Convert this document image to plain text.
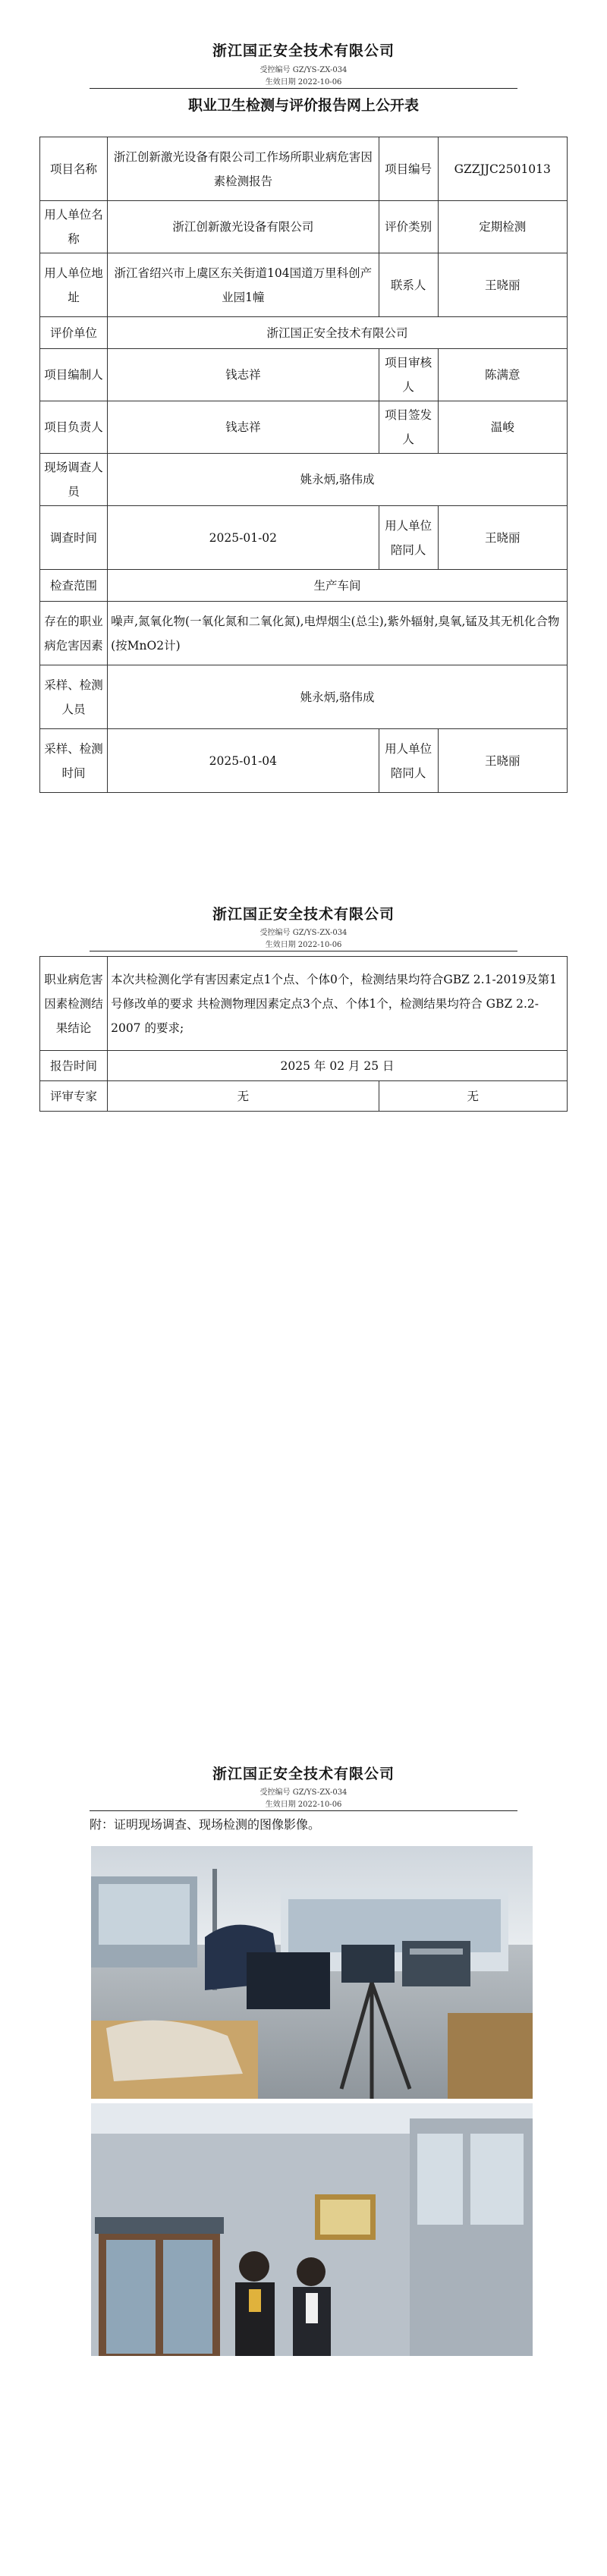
浙江国正安全技术有限公司
受控编号 GZ/YS-ZX-034
生效日期 2022-10-06
职业卫生检测与评价报告网上公开表
项目名称	浙江创新激光设备有限公司工作场所职业病危害因素检测报告	项目编号	GZZJJC2501013
用人单位名称	浙江创新激光设备有限公司	评价类别	定期检测
用人单位地址	浙江省绍兴市上虞区东关街道104国道万里科创产业园1幢	联系人	王晓丽
评价单位	浙江国正安全技术有限公司		
项目编制人	钱志祥	项目审核人	陈满意
项目负责人	钱志祥	项目签发人	温峻
现场调查人员	姚永炳,骆伟成		
调查时间	2025-01-02	用人单位陪同人	王晓丽
检查范围	生产车间		
存在的职业病危害因素	噪声,氮氧化物(一氧化氮和二氧化氮),电焊烟尘(总尘),紫外辐射,臭氧,锰及其无机化合物(按MnO2计)		
采样、检测人员	姚永炳,骆伟成		
采样、检测时间	2025-01-04	用人单位陪同人	王晓丽
浙江国正安全技术有限公司
受控编号 GZ/YS-ZX-034
生效日期 2022-10-06
职业病危害因素检测结果结论	本次共检测化学有害因素定点1个点、个体0个，检测结果均符合GBZ 2.1-2019及第1号修改单的要求 共检测物理因素定点3个点、个体1个，检测结果均符合 GBZ 2.2-2007 的要求;	
报告时间	2025 年 02 月 25 日	
评审专家	无	无
浙江国正安全技术有限公司
受控编号 GZ/YS-ZX-034
生效日期 2022-10-06
附：证明现场调查、现场检测的图像影像。
